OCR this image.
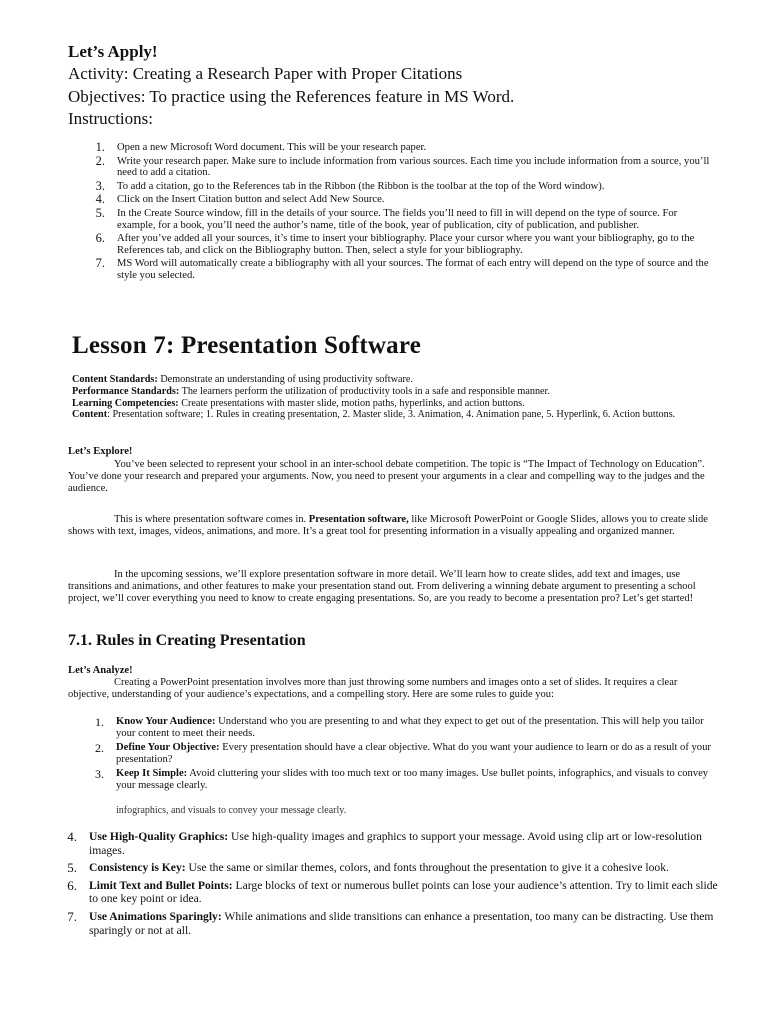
Let’s Apply!

Activity: Creating a Research Paper with Proper Citations

Objectives: To practice using the References feature in MS Word.

Instructions:

1. Open a new Microsoft Word document. This will be your research paper.
2. Write your research paper. Make sure to include information from various sources. Each time you include information from a source, you’ll need to add a citation.
3. To add a citation, go to the References tab in the Ribbon (the Ribbon is the toolbar at the top of the Word window).
4. Click on the Insert Citation button and select Add New Source.
5. In the Create Source window, fill in the details of your source. The fields you’ll need to fill in will depend on the type of source. For example, for a book, you’ll need the author’s name, title of the book, year of publication, city of publication, and publisher.
6. After you’ve added all your sources, it’s time to insert your bibliography. Place your cursor where you want your bibliography, go to the References tab, and click on the Bibliography button. Then, select a style for your bibliography.
7. MS Word will automatically create a bibliography with all your sources. The format of each entry will depend on the type of source and the style you selected.
Lesson 7: Presentation Software

Content Standards: Demonstrate an understanding of using productivity software.

Performance Standards: The learners perform the utilization of productivity tools in a safe and responsible manner.

Learning Competencies: Create presentations with master slide, motion paths, hyperlinks, and action buttons.

Content: Presentation software; 1. Rules in creating presentation, 2. Master slide, 3. Animation, 4. Animation pane, 5. Hyperlink, 6. Action buttons.

Let’s Explore!

You’ve been selected to represent your school in an inter-school debate competition. The topic is “The Impact of Technology on Education”. You’ve done your research and prepared your arguments. Now, you need to present your arguments in a clear and compelling way to the judges and the audience.

This is where presentation software comes in. Presentation software, like Microsoft PowerPoint or Google Slides, allows you to create slide shows with text, images, videos, animations, and more. It’s a great tool for presenting information in a visually appealing and organized manner.

In the upcoming sessions, we’ll explore presentation software in more detail. We’ll learn how to create slides, add text and images, use transitions and animations, and other features to make your presentation stand out. From delivering a winning debate argument to presenting a school project, we’ll cover everything you need to know to create engaging presentations. So, are you ready to become a presentation pro? Let’s get started!

7.1. Rules in Creating Presentation

Let’s Analyze!

Creating a PowerPoint presentation involves more than just throwing some numbers and images onto a set of slides. It requires a clear objective, understanding of your audience’s expectations, and a compelling story. Here are some rules to guide you:

1. Know Your Audience: Understand who you are presenting to and what they expect to get out of the presentation. This will help you tailor your content to meet their needs.
2. Define Your Objective: Every presentation should have a clear objective. What do you want your audience to learn or do as a result of your presentation?
3. Keep It Simple: Avoid cluttering your slides with too much text or too many images. Use bullet points, infographics, and visuals to convey your message clearly.
infographics, and visuals to convey your message clearly.
4. Use High-Quality Graphics: Use high-quality images and graphics to support your message. Avoid using clip art or low-resolution images.
5. Consistency is Key: Use the same or similar themes, colors, and fonts throughout the presentation to give it a cohesive look.
6. Limit Text and Bullet Points: Large blocks of text or numerous bullet points can lose your audience’s attention. Try to limit each slide to one key point or idea.
7. Use Animations Sparingly: While animations and slide transitions can enhance a presentation, too many can be distracting. Use them sparingly or not at all.
